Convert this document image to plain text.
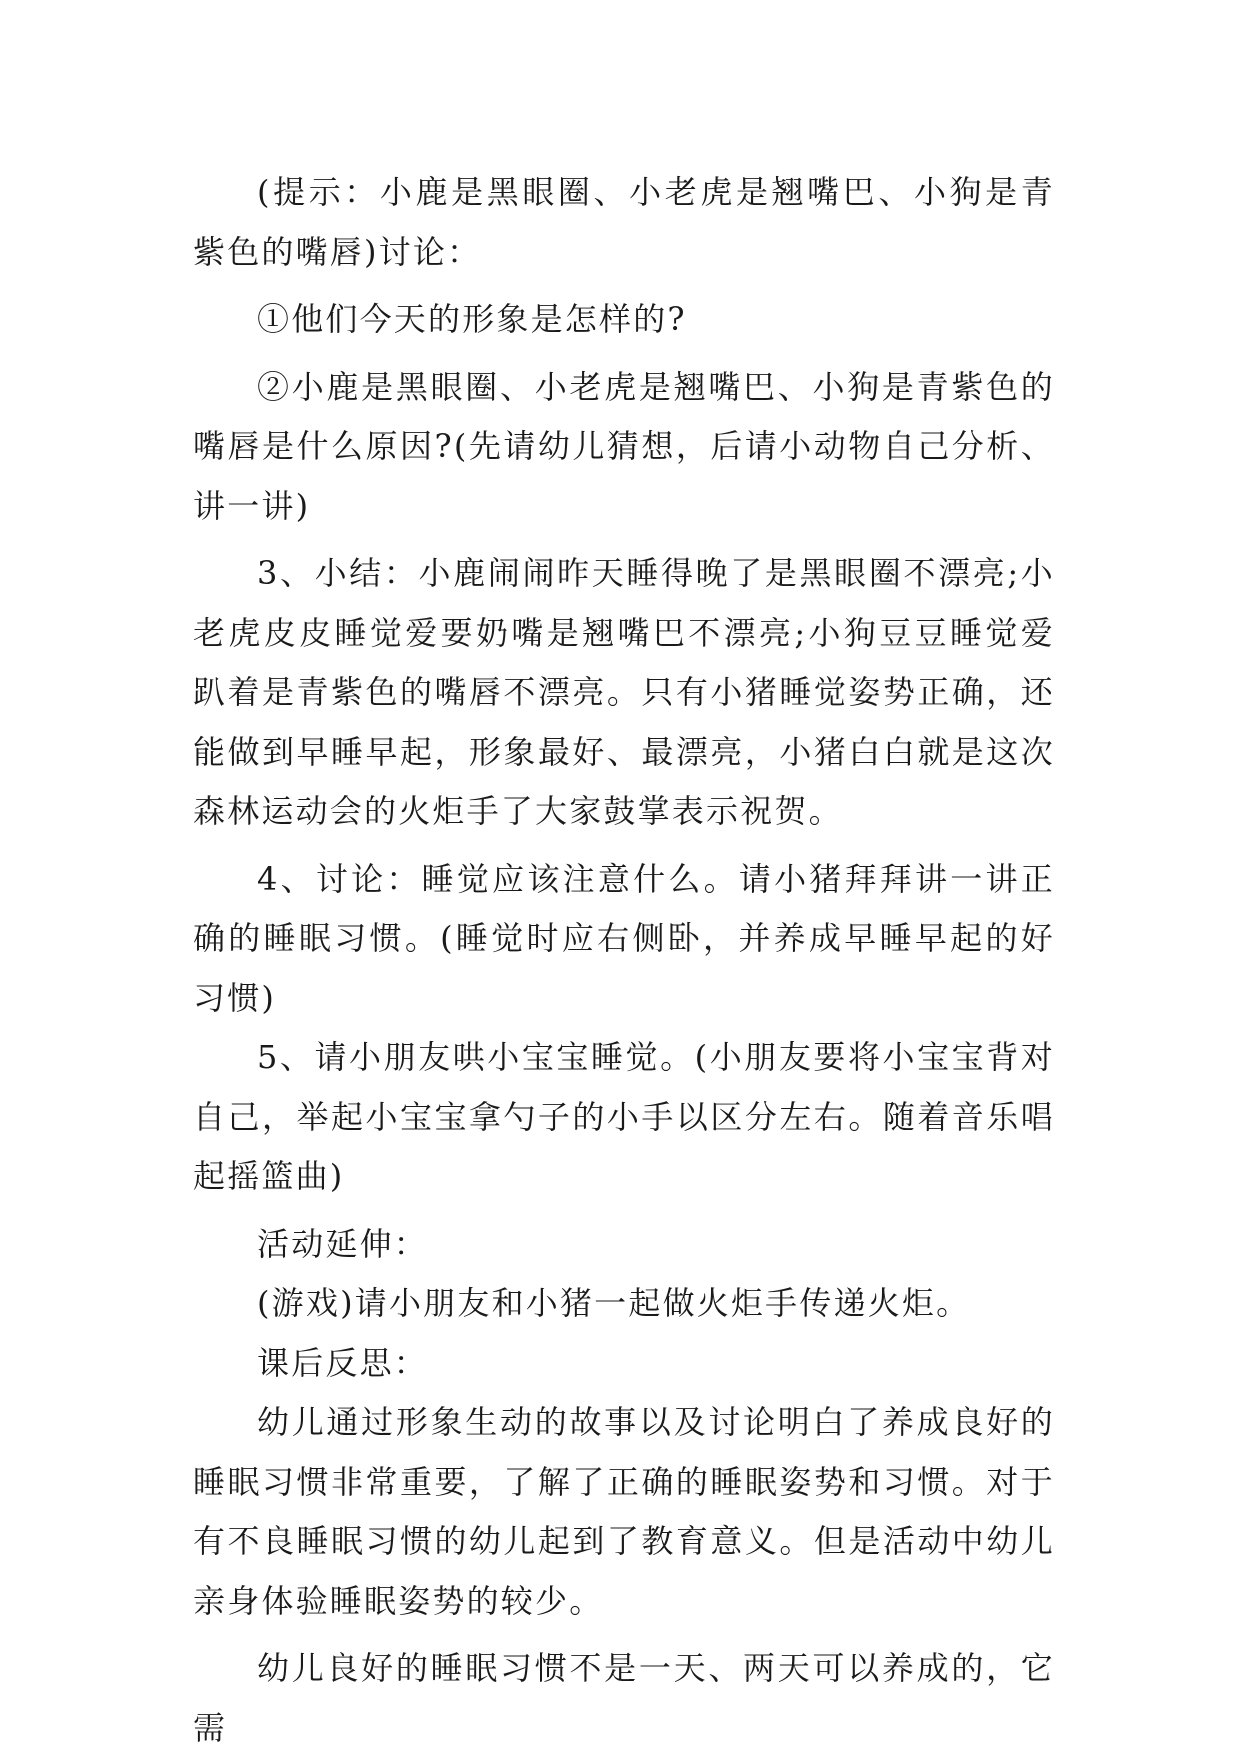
(提示：小鹿是黑眼圈、小老虎是翘嘴巴、小狗是青紫色的嘴唇)讨论：

①他们今天的形象是怎样的?

②小鹿是黑眼圈、小老虎是翘嘴巴、小狗是青紫色的嘴唇是什么原因?(先请幼儿猜想，后请小动物自己分析、讲一讲)

3、小结：小鹿闹闹昨天睡得晚了是黑眼圈不漂亮;小老虎皮皮睡觉爱要奶嘴是翘嘴巴不漂亮;小狗豆豆睡觉爱趴着是青紫色的嘴唇不漂亮。只有小猪睡觉姿势正确，还能做到早睡早起，形象最好、最漂亮，小猪白白就是这次森林运动会的火炬手了大家鼓掌表示祝贺。

4、讨论：睡觉应该注意什么。请小猪拜拜讲一讲正确的睡眠习惯。(睡觉时应右侧卧，并养成早睡早起的好习惯)

5、请小朋友哄小宝宝睡觉。(小朋友要将小宝宝背对自己，举起小宝宝拿勺子的小手以区分左右。随着音乐唱起摇篮曲)

活动延伸：

(游戏)请小朋友和小猪一起做火炬手传递火炬。

课后反思：

幼儿通过形象生动的故事以及讨论明白了养成良好的睡眠习惯非常重要，了解了正确的睡眠姿势和习惯。对于有不良睡眠习惯的幼儿起到了教育意义。但是活动中幼儿亲身体验睡眠姿势的较少。

幼儿良好的睡眠习惯不是一天、两天可以养成的，它需
